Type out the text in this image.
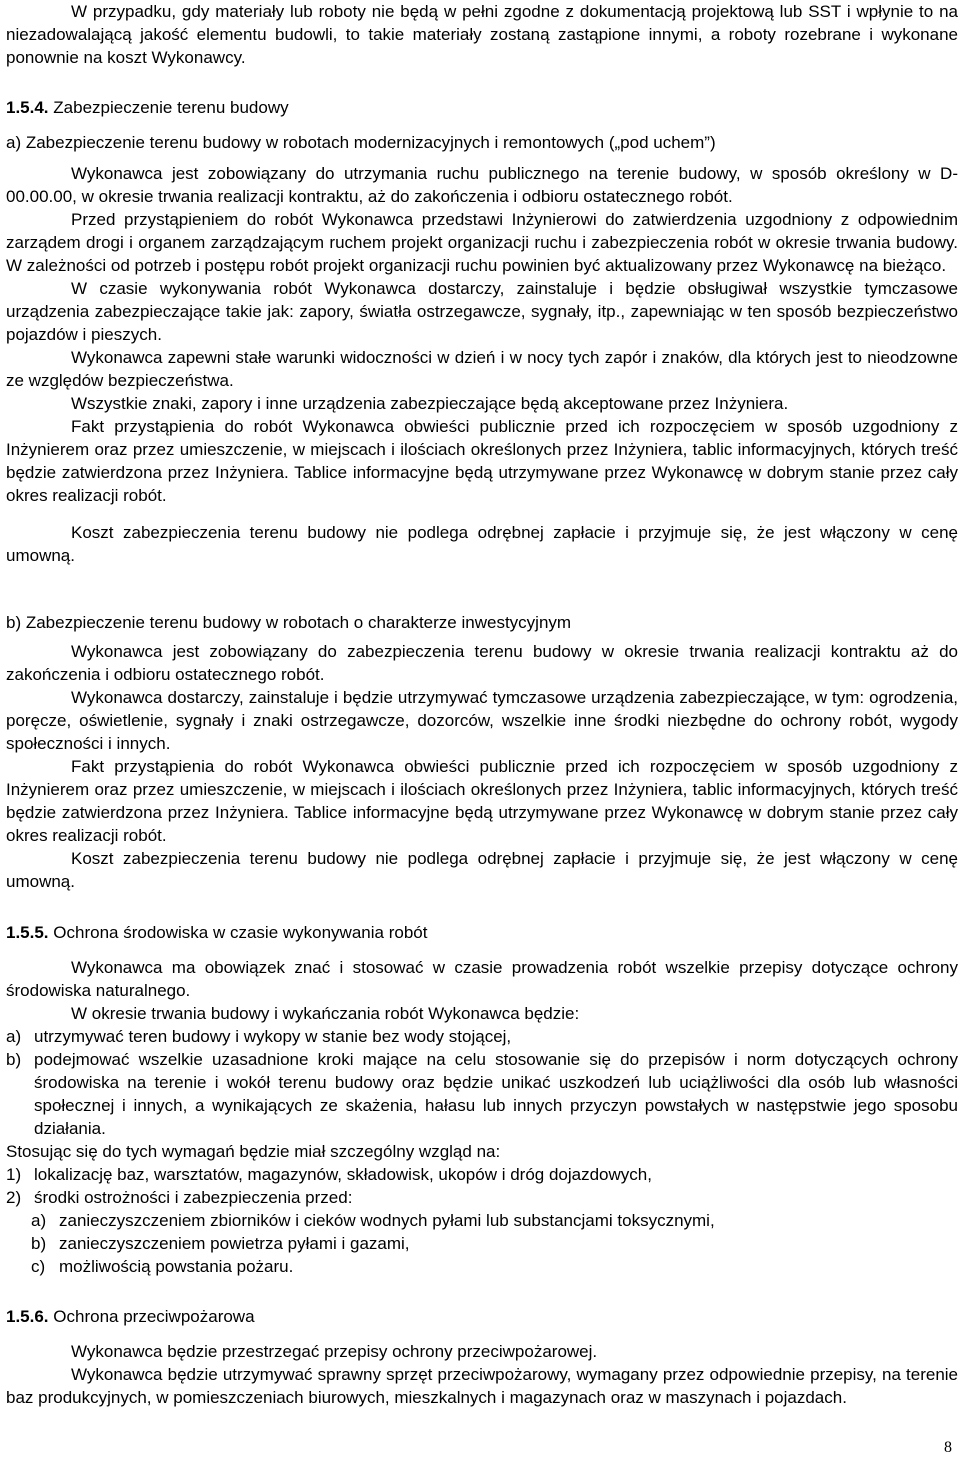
W przypadku, gdy materiały lub roboty nie będą w pełni zgodne z dokumentacją projektową lub SST i wpłynie to na niezadowalającą jakość elementu budowli, to takie materiały zostaną zastąpione innymi, a roboty rozebrane i wykonane ponownie na koszt Wykonawcy.

1.5.4. Zabezpieczenie terenu budowy

a) Zabezpieczenie terenu budowy w robotach modernizacyjnych i remontowych („pod uchem”)

Wykonawca jest zobowiązany do utrzymania ruchu publicznego na terenie budowy, w sposób określony w D-00.00.00, w okresie trwania realizacji kontraktu, aż do zakończenia i odbioru ostatecznego robót.

Przed przystąpieniem do robót Wykonawca przedstawi Inżynierowi do zatwierdzenia uzgodniony z odpowiednim zarządem drogi i organem zarządzającym ruchem projekt organizacji ruchu i zabezpieczenia robót w okresie trwania budowy. W zależności od potrzeb i postępu robót projekt organizacji ruchu powinien być aktualizowany przez Wykonawcę na bieżąco.

W czasie wykonywania robót Wykonawca dostarczy, zainstaluje i będzie obsługiwał wszystkie tymczasowe urządzenia zabezpieczające takie jak: zapory, światła ostrzegawcze, sygnały, itp., zapewniając w ten sposób bezpieczeństwo pojazdów i pieszych.

Wykonawca zapewni stałe warunki widoczności w dzień i w nocy tych zapór i znaków, dla których jest to nieodzowne ze względów bezpieczeństwa.

Wszystkie znaki, zapory i inne urządzenia zabezpieczające będą akceptowane przez Inżyniera.

Fakt przystąpienia do robót Wykonawca obwieści publicznie przed ich rozpoczęciem w sposób uzgodniony z Inżynierem oraz przez umieszczenie, w miejscach i ilościach określonych przez Inżyniera, tablic informacyjnych, których treść będzie zatwierdzona przez Inżyniera. Tablice informacyjne będą utrzymywane przez Wykonawcę w dobrym stanie przez cały okres realizacji robót.

Koszt zabezpieczenia terenu budowy nie podlega odrębnej zapłacie i przyjmuje się, że jest włączony w cenę umowną.

b) Zabezpieczenie terenu budowy w robotach o charakterze inwestycyjnym

Wykonawca jest zobowiązany do zabezpieczenia terenu budowy w okresie trwania realizacji kontraktu aż do zakończenia i odbioru ostatecznego robót.

Wykonawca dostarczy, zainstaluje i będzie utrzymywać tymczasowe urządzenia zabezpieczające, w tym: ogrodzenia, poręcze, oświetlenie, sygnały i znaki ostrzegawcze, dozorców, wszelkie inne środki niezbędne do ochrony robót, wygody społeczności i innych.

Fakt przystąpienia do robót Wykonawca obwieści publicznie przed ich rozpoczęciem w sposób uzgodniony z Inżynierem oraz przez umieszczenie, w miejscach i ilościach określonych przez Inżyniera, tablic informacyjnych, których treść będzie zatwierdzona przez Inżyniera. Tablice informacyjne będą utrzymywane przez Wykonawcę w dobrym stanie przez cały okres realizacji robót.

Koszt zabezpieczenia terenu budowy nie podlega odrębnej zapłacie i przyjmuje się, że jest włączony w cenę umowną.

1.5.5. Ochrona środowiska w czasie wykonywania robót

Wykonawca ma obowiązek znać i stosować w czasie prowadzenia robót wszelkie przepisy dotyczące ochrony środowiska naturalnego.

W okresie trwania budowy i wykańczania robót Wykonawca będzie:

a) utrzymywać teren budowy i wykopy w stanie bez wody stojącej,
b) podejmować wszelkie uzasadnione kroki mające na celu stosowanie się do przepisów i norm dotyczących ochrony środowiska na terenie i wokół terenu budowy oraz będzie unikać uszkodzeń lub uciążliwości dla osób lub własności społecznej i innych, a wynikających ze skażenia, hałasu lub innych przyczyn powstałych w następstwie jego sposobu działania.

Stosując się do tych wymagań będzie miał szczególny wzgląd na:

1) lokalizację baz, warsztatów, magazynów, składowisk, ukopów i dróg dojazdowych,
2) środki ostrożności i zabezpieczenia przed:
a) zanieczyszczeniem zbiorników i cieków wodnych pyłami lub substancjami toksycznymi,
b) zanieczyszczeniem powietrza pyłami i gazami,
c) możliwością powstania pożaru.

1.5.6. Ochrona przeciwpożarowa

Wykonawca będzie przestrzegać przepisy ochrony przeciwpożarowej.

Wykonawca będzie utrzymywać sprawny sprzęt przeciwpożarowy, wymagany przez odpowiednie przepisy, na terenie baz produkcyjnych, w pomieszczeniach biurowych, mieszkalnych i magazynach oraz w maszynach i pojazdach.

8
